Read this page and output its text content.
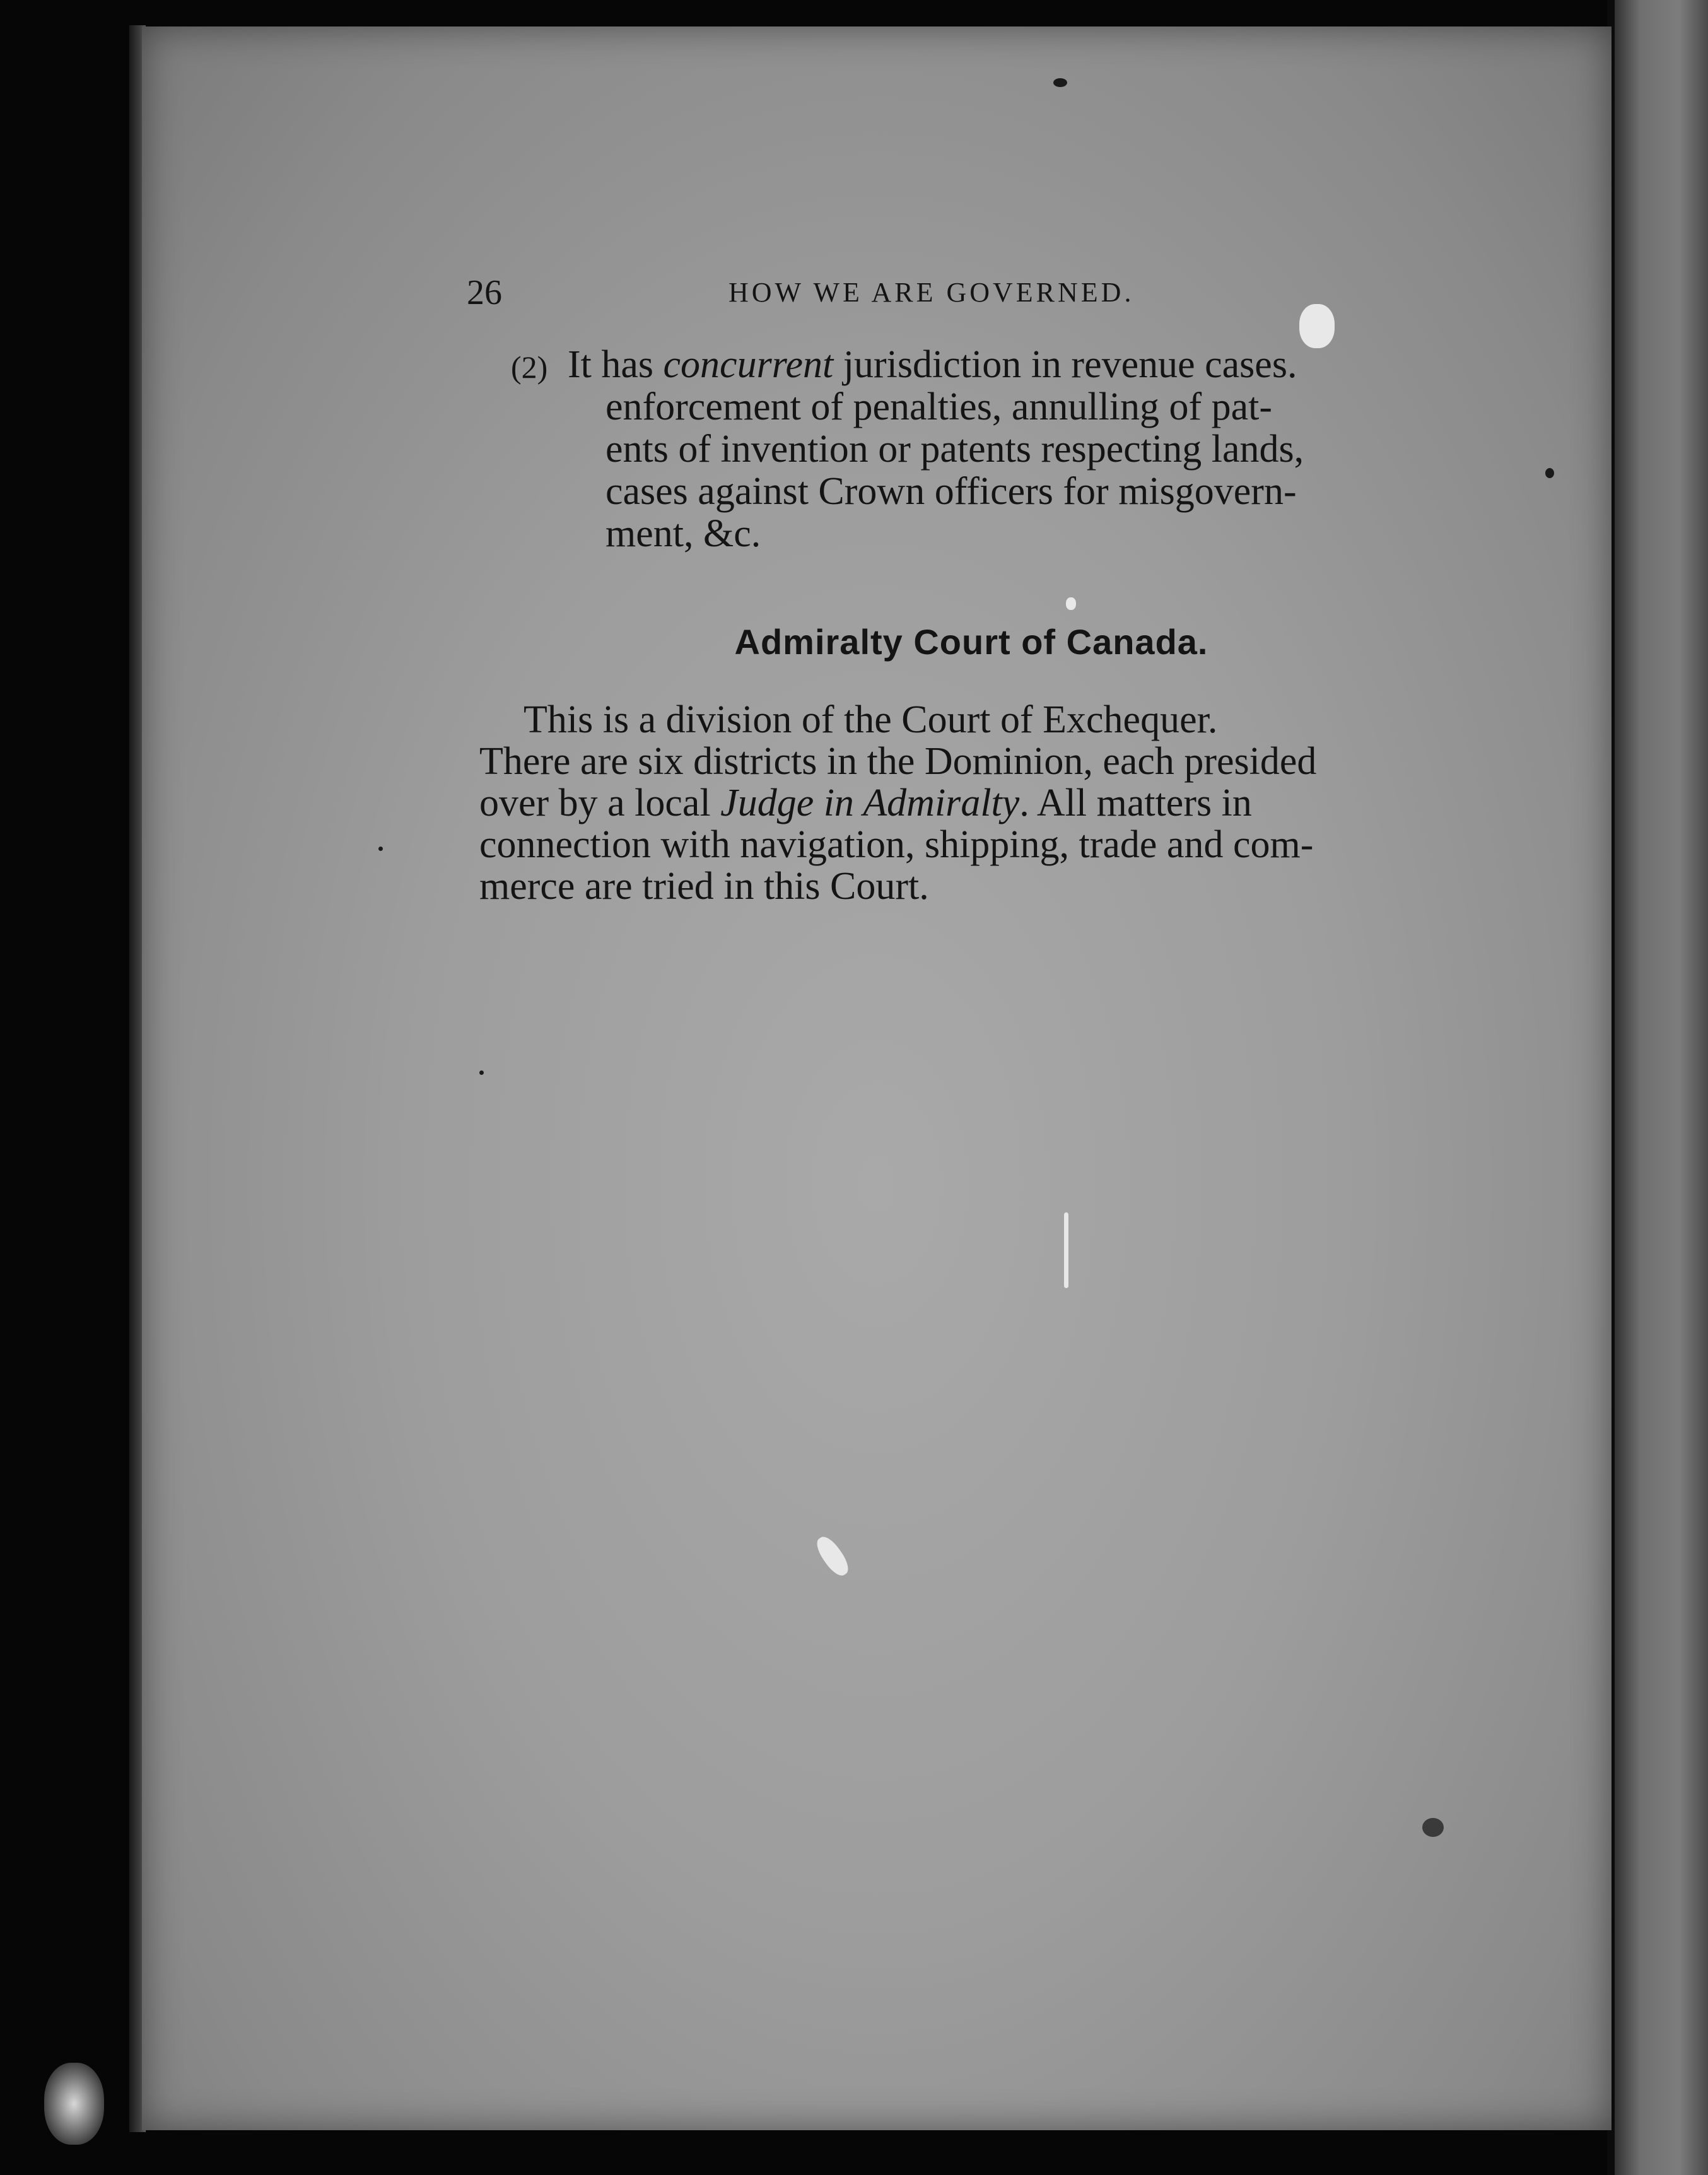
26	HOW WE ARE GOVERNED.
(2) It has concurrent jurisdiction in revenue cases.
enforcement of penalties, annulling of pat-
ents of invention or patents respecting lands,
cases against Crown officers for misgovern-
ment, &c.
Admiralty Court of Canada.
This is a division of the Court of Exchequer.
There are six districts in the Dominion, each presided
over by a local Judge in Admiralty. All matters in
connection with navigation, shipping, trade and com-
merce are tried in this Court.
